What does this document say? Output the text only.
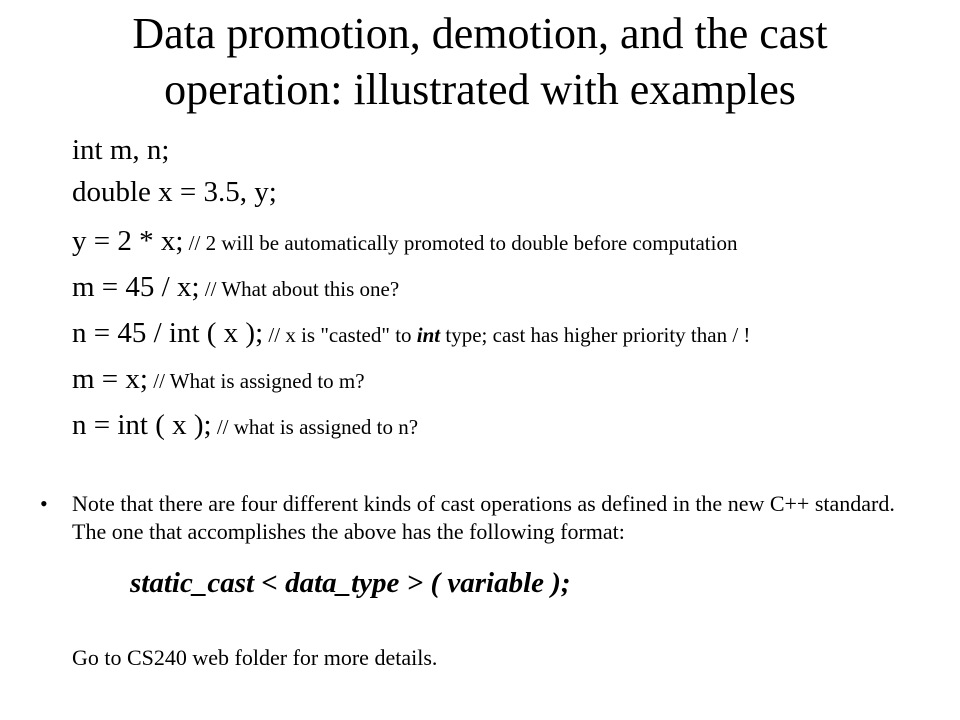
Data promotion, demotion, and the cast
operation: illustrated with examples
int m, n;
double x = 3.5, y;
y = 2 * x; // 2 will be automatically promoted to double before computation
m = 45 / x; // What about this one?
n = 45 / int ( x ); // x is "casted" to int type; cast has higher priority than / !
m = x; // What is assigned to m?
n = int ( x ); // what is assigned to n?
• Note that there are four different kinds of cast operations as defined in the new C++ standard. The one that accomplishes the above has the following format:
static_cast < data_type > ( variable );
Go to CS240 web folder for more details.
